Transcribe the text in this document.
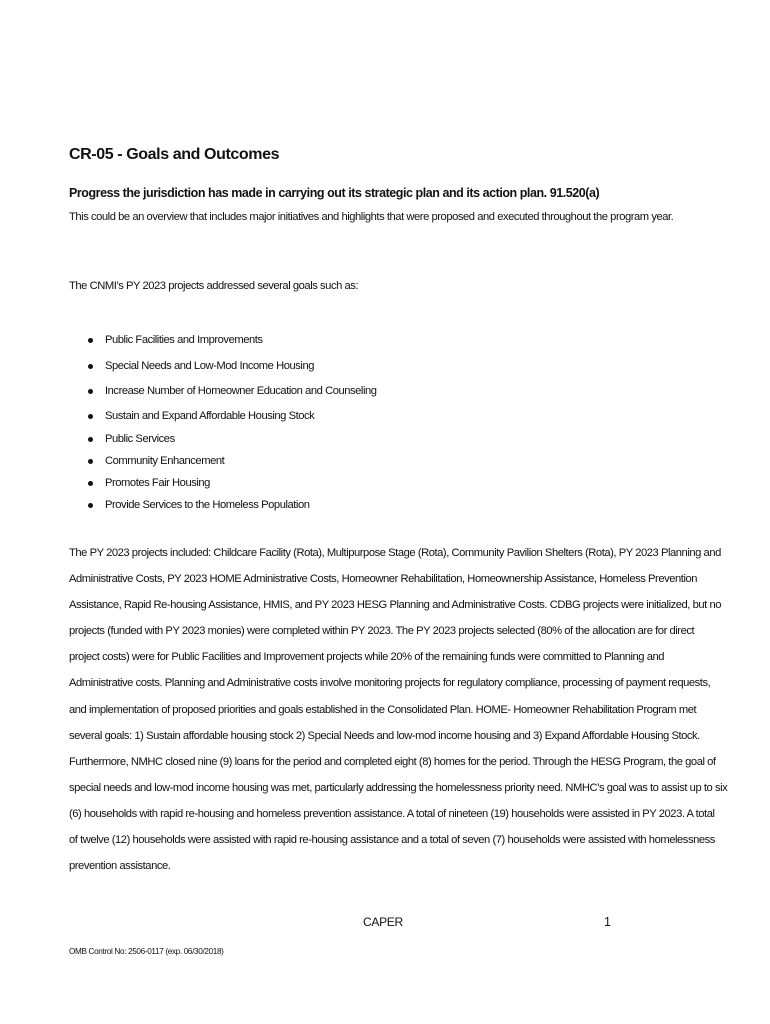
CR-05 - Goals and Outcomes
Progress the jurisdiction has made in carrying out its strategic plan and its action plan. 91.520(a)
This could be an overview that includes major initiatives and highlights that were proposed and executed throughout the program year.
The CNMI’s PY 2023 projects addressed several goals such as:
Public Facilities and Improvements
Special Needs and Low-Mod Income Housing
Increase Number of Homeowner Education and Counseling
Sustain and Expand Affordable Housing Stock
Public Services
Community Enhancement
Promotes Fair Housing
Provide Services to the Homeless Population
The PY 2023 projects included: Childcare Facility (Rota), Multipurpose Stage (Rota), Community Pavilion Shelters (Rota), PY 2023 Planning and
Administrative Costs, PY 2023 HOME Administrative Costs, Homeowner Rehabilitation, Homeownership Assistance, Homeless Prevention
Assistance, Rapid Re-housing Assistance, HMIS, and PY 2023 HESG Planning and Administrative Costs. CDBG projects were initialized, but no
projects (funded with PY 2023 monies) were completed within PY 2023. The PY 2023 projects selected (80% of the allocation are for direct
project costs) were for Public Facilities and Improvement projects while 20% of the remaining funds were committed to Planning and
Administrative costs. Planning and Administrative costs involve monitoring projects for regulatory compliance, processing of payment requests,
and implementation of proposed priorities and goals established in the Consolidated Plan. HOME- Homeowner Rehabilitation Program met
several goals: 1) Sustain affordable housing stock 2) Special Needs and low-mod income housing and 3) Expand Affordable Housing Stock.
Furthermore, NMHC closed nine (9) loans for the period and completed eight (8) homes for the period. Through the HESG Program, the goal of
special needs and low-mod income housing was met, particularly addressing the homelessness priority need. NMHC’s goal was to assist up to six
(6) households with rapid re-housing and homeless prevention assistance. A total of nineteen (19) households were assisted in PY 2023. A total
of twelve (12) households were assisted with rapid re-housing assistance and a total of seven (7) households were assisted with homelessness
prevention assistance.
CAPER	1
OMB Control No: 2506-0117 (exp. 06/30/2018)
